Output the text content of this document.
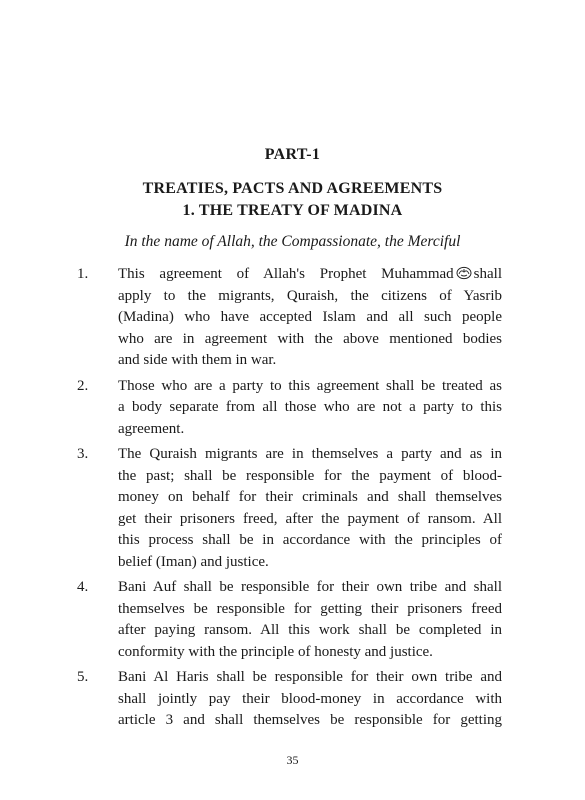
PART-1
TREATIES, PACTS AND AGREEMENTS
1. THE TREATY OF MADINA
In the name of Allah, the Compassionate, the Merciful
1. This agreement of Allah's Prophet Muhammad shall
apply to the migrants, Quraish, the citizens of Yasrib
(Madina) who have accepted Islam and all such people
who are in agreement with the above mentioned bodies
and side with them in war.
2. Those who are a party to this agreement shall be treated as
a body separate from all those who are not a party to this
agreement.
3. The Quraish migrants are in themselves a party and as in
the past; shall be responsible for the payment of blood-
money on behalf for their criminals and shall themselves
get their prisoners freed, after the payment of ransom. All
this process shall be in accordance with the principles of
belief (Iman) and justice.
4. Bani Auf shall be responsible for their own tribe and shall
themselves be responsible for getting their prisoners freed
after paying ransom. All this work shall be completed in
conformity with the principle of honesty and justice.
5. Bani Al Haris shall be responsible for their own tribe and
shall jointly pay their blood-money in accordance with
article 3 and shall themselves be responsible for getting
35
